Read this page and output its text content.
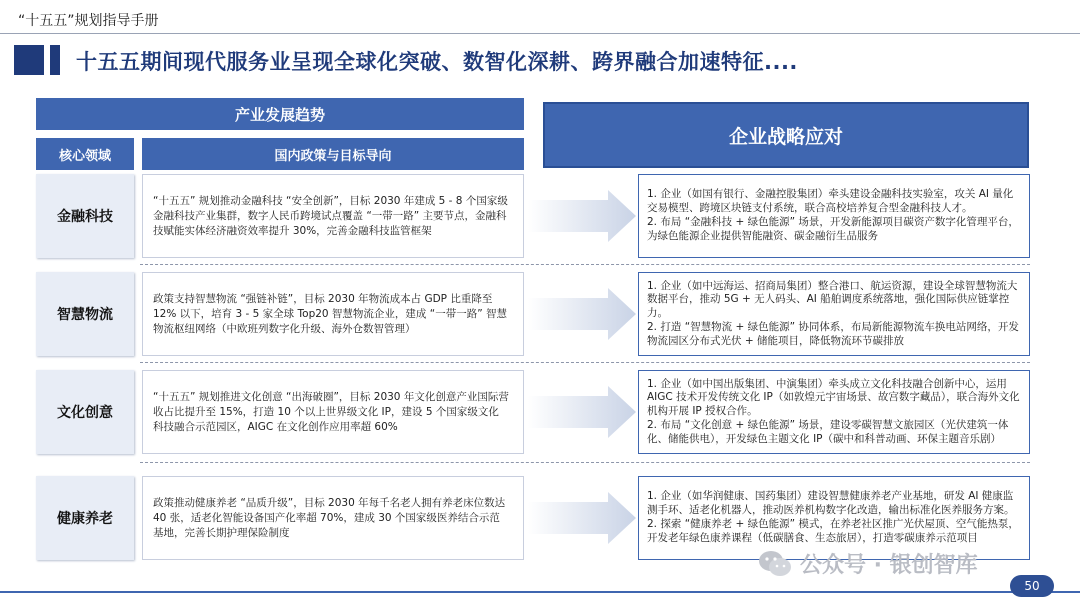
“十五五”规划指导手册
十五五期间现代服务业呈现全球化突破、数智化深耕、跨界融合加速特征....
产业发展趋势
核心领域	国内政策与目标导向
企业战略应对
金融科技
“十五五” 规划推动金融科技 “安全创新”，目标 2030 年建成 5 - 8 个国家级金融科技产业集群，数字人民币跨境试点覆盖 “一带一路” 主要节点，金融科技赋能实体经济融资效率提升 30%，完善金融科技监管框架
1. 企业（如国有银行、金融控股集团）牵头建设金融科技实验室，攻关 AI 量化交易模型、跨境区块链支付系统，联合高校培养复合型金融科技人才。
2. 布局 “金融科技 + 绿色能源” 场景，开发新能源项目碳资产数字化管理平台，为绿色能源企业提供智能融资、碳金融衍生品服务
智慧物流
政策支持智慧物流 “强链补链”，目标 2030 年物流成本占 GDP 比重降至 12% 以下，培育 3 - 5 家全球 Top20 智慧物流企业，建成 “一带一路” 智慧物流枢纽网络（中欧班列数字化升级、海外仓数智管理）
1. 企业（如中远海运、招商局集团）整合港口、航运资源，建设全球智慧物流大数据平台，推动 5G + 无人码头、AI 船舶调度系统落地，强化国际供应链掌控力。
2. 打造 “智慧物流 + 绿色能源” 协同体系，布局新能源物流车换电站网络，开发物流园区分布式光伏 + 储能项目，降低物流环节碳排放
文化创意
“十五五” 规划推进文化创意 “出海破圈”，目标 2030 年文化创意产业国际营收占比提升至 15%，打造 10 个以上世界级文化 IP，建设 5 个国家级文化科技融合示范园区，AIGC 在文化创作应用率超 60%
1. 企业（如中国出版集团、中演集团）牵头成立文化科技融合创新中心，运用 AIGC 技术开发传统文化 IP（如敦煌元宇宙场景、故宫数字藏品），联合海外文化机构开展 IP 授权合作。
2. 布局 “文化创意 + 绿色能源” 场景，建设零碳智慧文旅园区（光伏建筑一体化、储能供电），开发绿色主题文化 IP（碳中和科普动画、环保主题音乐剧）
健康养老
政策推动健康养老 “品质升级”，目标 2030 年每千名老人拥有养老床位数达 40 张，适老化智能设备国产化率超 70%，建成 30 个国家级医养结合示范基地，完善长期护理保险制度
1. 企业（如华润健康、国药集团）建设智慧健康养老产业基地，研发 AI 健康监测手环、适老化机器人，推动医养机构数字化改造，输出标准化医养服务方案。
2. 探索 “健康养老 + 绿色能源” 模式，在养老社区推广光伏屋顶、空气能热泵，开发老年绿色康养课程（低碳膳食、生态旅居），打造零碳康养示范项目
公众号 · 银创智库
50
